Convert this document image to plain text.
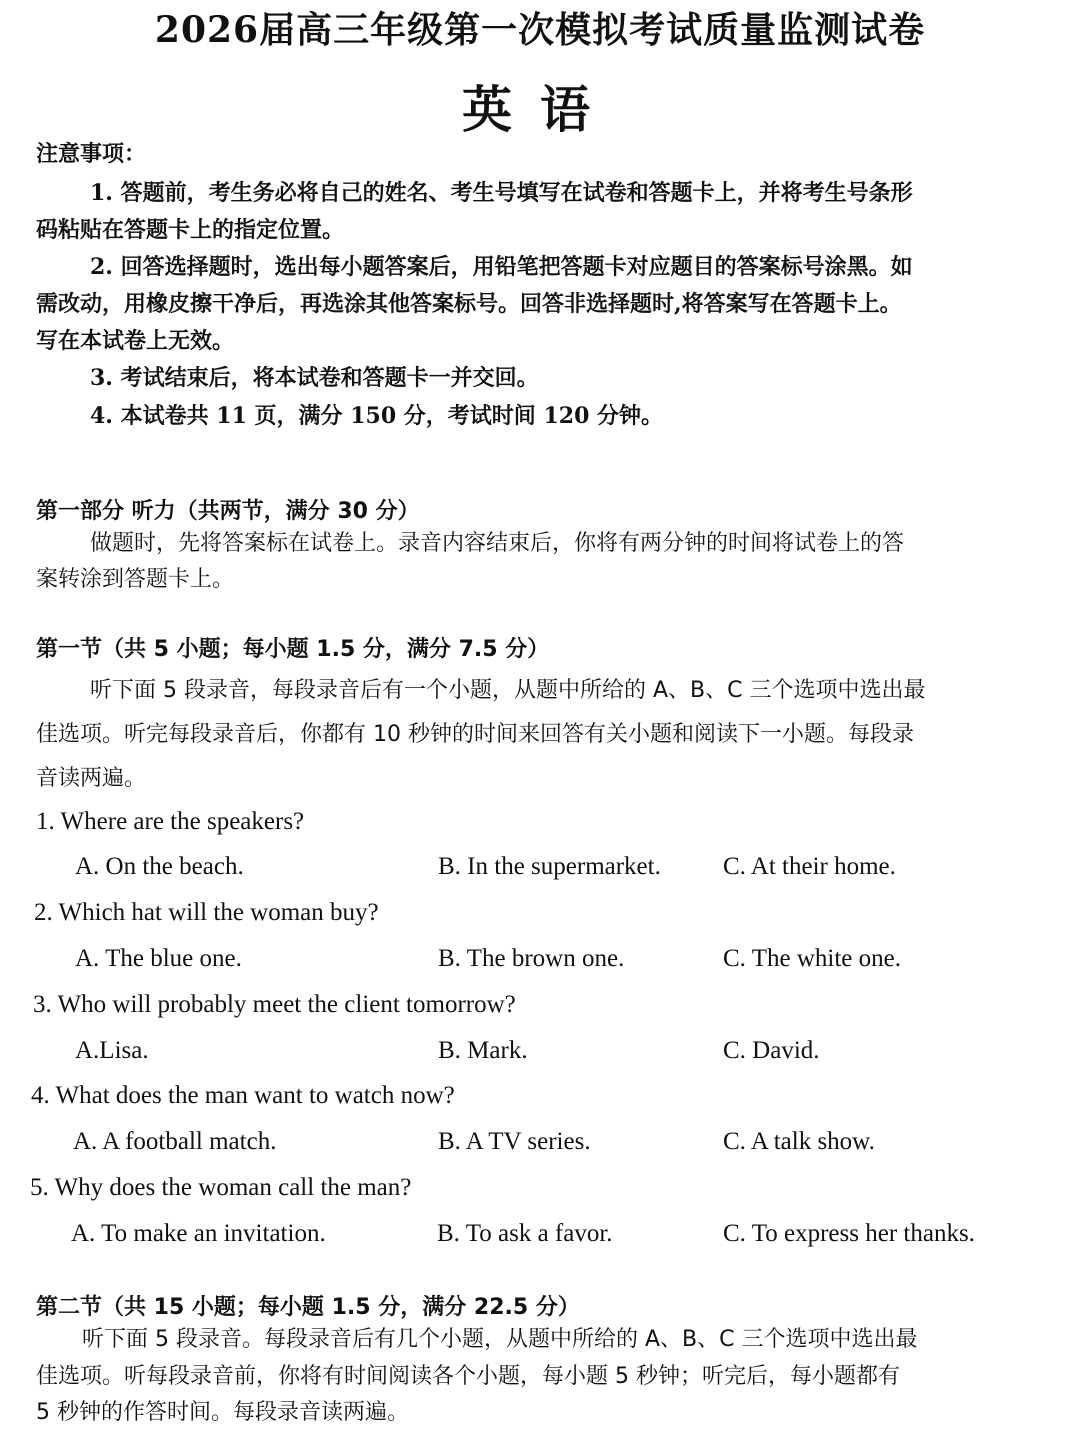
2026届高三年级第一次模拟考试质量监测试卷
英语
注意事项：
1. 答题前，考生务必将自己的姓名、考生号填写在试卷和答题卡上，并将考生号条形
码粘贴在答题卡上的指定位置。
2. 回答选择题时，选出每小题答案后，用铅笔把答题卡对应题目的答案标号涂黑。如
需改动，用橡皮擦干净后，再选涂其他答案标号。回答非选择题时,将答案写在答题卡上。
写在本试卷上无效。
3. 考试结束后，将本试卷和答题卡一并交回。
4. 本试卷共 11 页，满分 150 分，考试时间 120 分钟。
第一部分 听力（共两节，满分 30 分）
做题时，先将答案标在试卷上。录音内容结束后，你将有两分钟的时间将试卷上的答
案转涂到答题卡上。
第一节（共 5 小题；每小题 1.5 分，满分 7.5 分）
听下面 5 段录音，每段录音后有一个小题，从题中所给的 A、B、C 三个选项中选出最
佳选项。听完每段录音后，你都有 10 秒钟的时间来回答有关小题和阅读下一小题。每段录
音读两遍。
1. Where are the speakers?
A. On the beach.	B. In the supermarket. C. At their home.
2. Which hat will the woman buy?
A. The blue one.	B. The brown one.	C. The white one.
3. Who will probably meet the client tomorrow?
A.Lisa.	B. Mark.	C. David.
4. What does the man want to watch now?
A. A football match.	B. A TV series.	C. A talk show.
5. Why does the woman call the man?
A. To make an invitation.	B. To ask a favor.	C. To express her thanks.
第二节（共 15 小题；每小题 1.5 分，满分 22.5 分）
听下面 5 段录音。每段录音后有几个小题，从题中所给的 A、B、C 三个选项中选出最
佳选项。听每段录音前，你将有时间阅读各个小题，每小题 5 秒钟；听完后，每小题都有
5 秒钟的作答时间。每段录音读两遍。
